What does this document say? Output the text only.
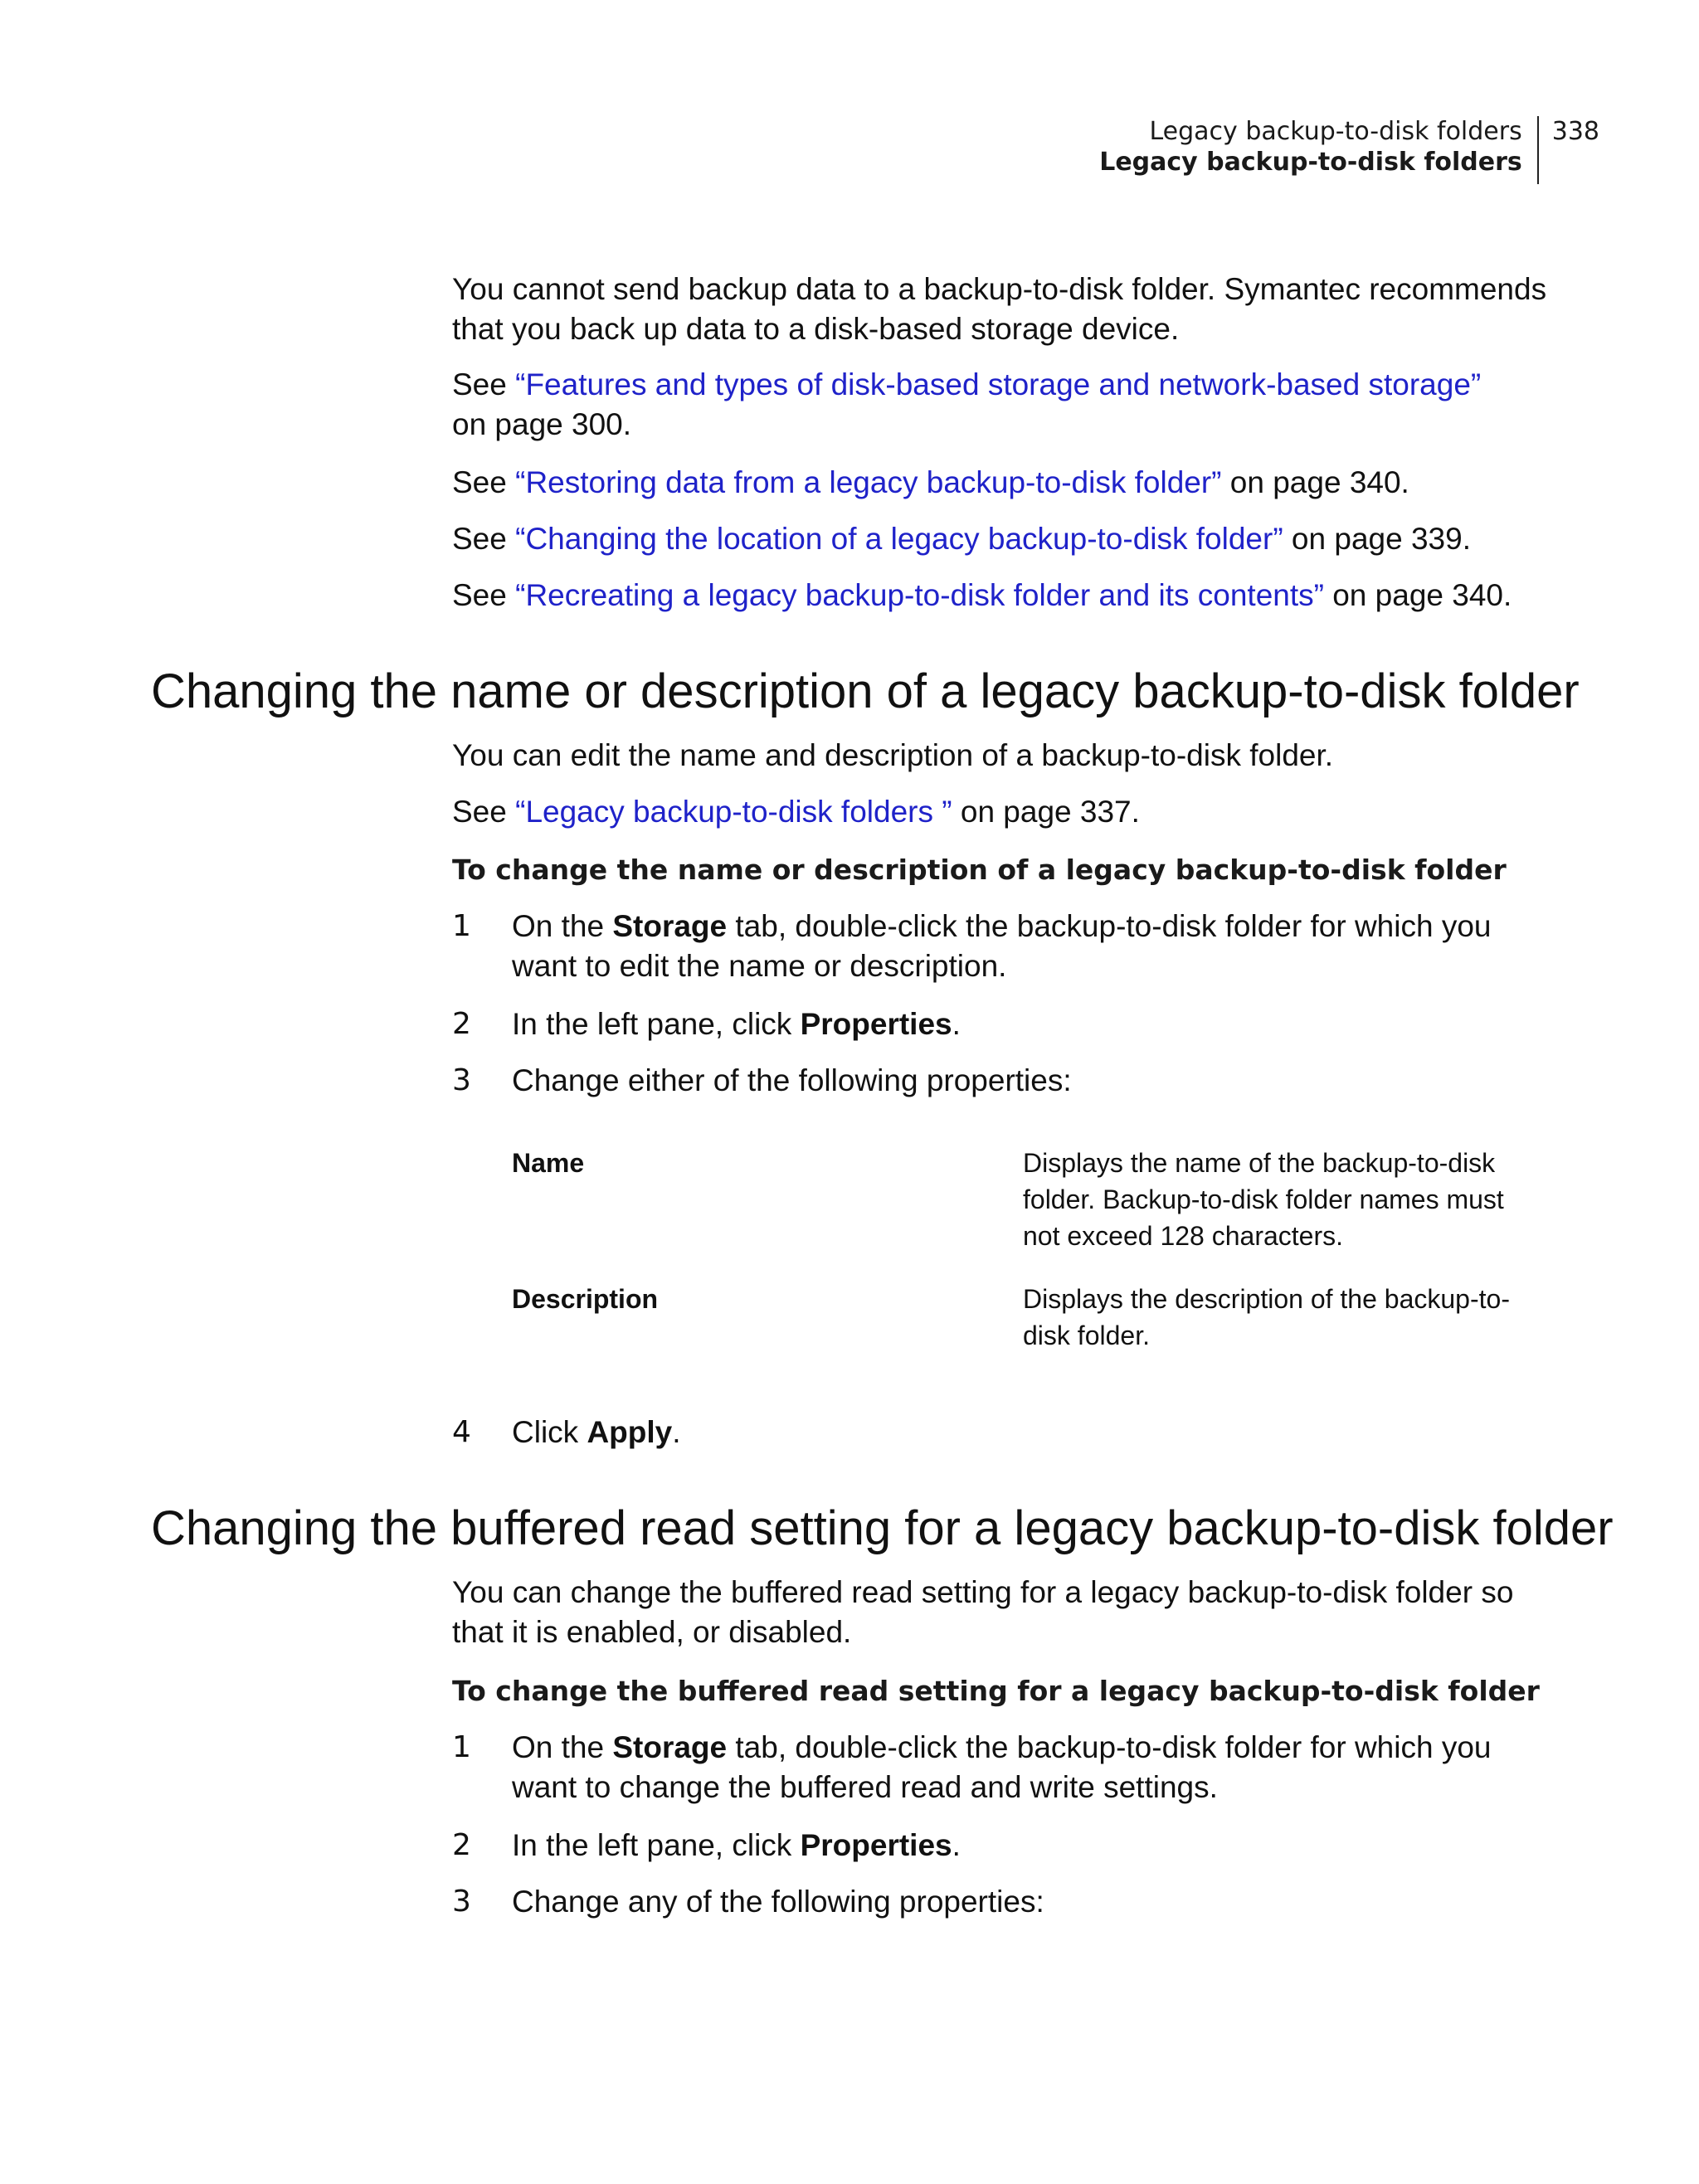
Legacy backup-to-disk folders
Legacy backup-to-disk folders
338

You cannot send backup data to a backup-to-disk folder. Symantec recommends that you back up data to a disk-based storage device.

See “Features and types of disk-based storage and network-based storage”
on page 300.

See “Restoring data from a legacy backup-to-disk folder” on page 340.

See “Changing the location of a legacy backup-to-disk folder” on page 339.

See “Recreating a legacy backup-to-disk folder and its contents” on page 340.

Changing the name or description of a legacy backup-to-disk folder

You can edit the name and description of a backup-to-disk folder.

See “Legacy backup-to-disk folders ” on page 337.

To change the name or description of a legacy backup-to-disk folder
1 On the Storage tab, double-click the backup-to-disk folder for which you want to edit the name or description.
2 In the left pane, click Properties.
3 Change either of the following properties:
Name	Displays the name of the backup-to-disk folder. Backup-to-disk folder names must not exceed 128 characters.
Description	Displays the description of the backup-to-disk folder.
4 Click Apply.
Changing the buffered read setting for a legacy backup-to-disk folder

You can change the buffered read setting for a legacy backup-to-disk folder so that it is enabled, or disabled.

To change the buffered read setting for a legacy backup-to-disk folder
1 On the Storage tab, double-click the backup-to-disk folder for which you want to change the buffered read and write settings.
2 In the left pane, click Properties.
3 Change any of the following properties:
